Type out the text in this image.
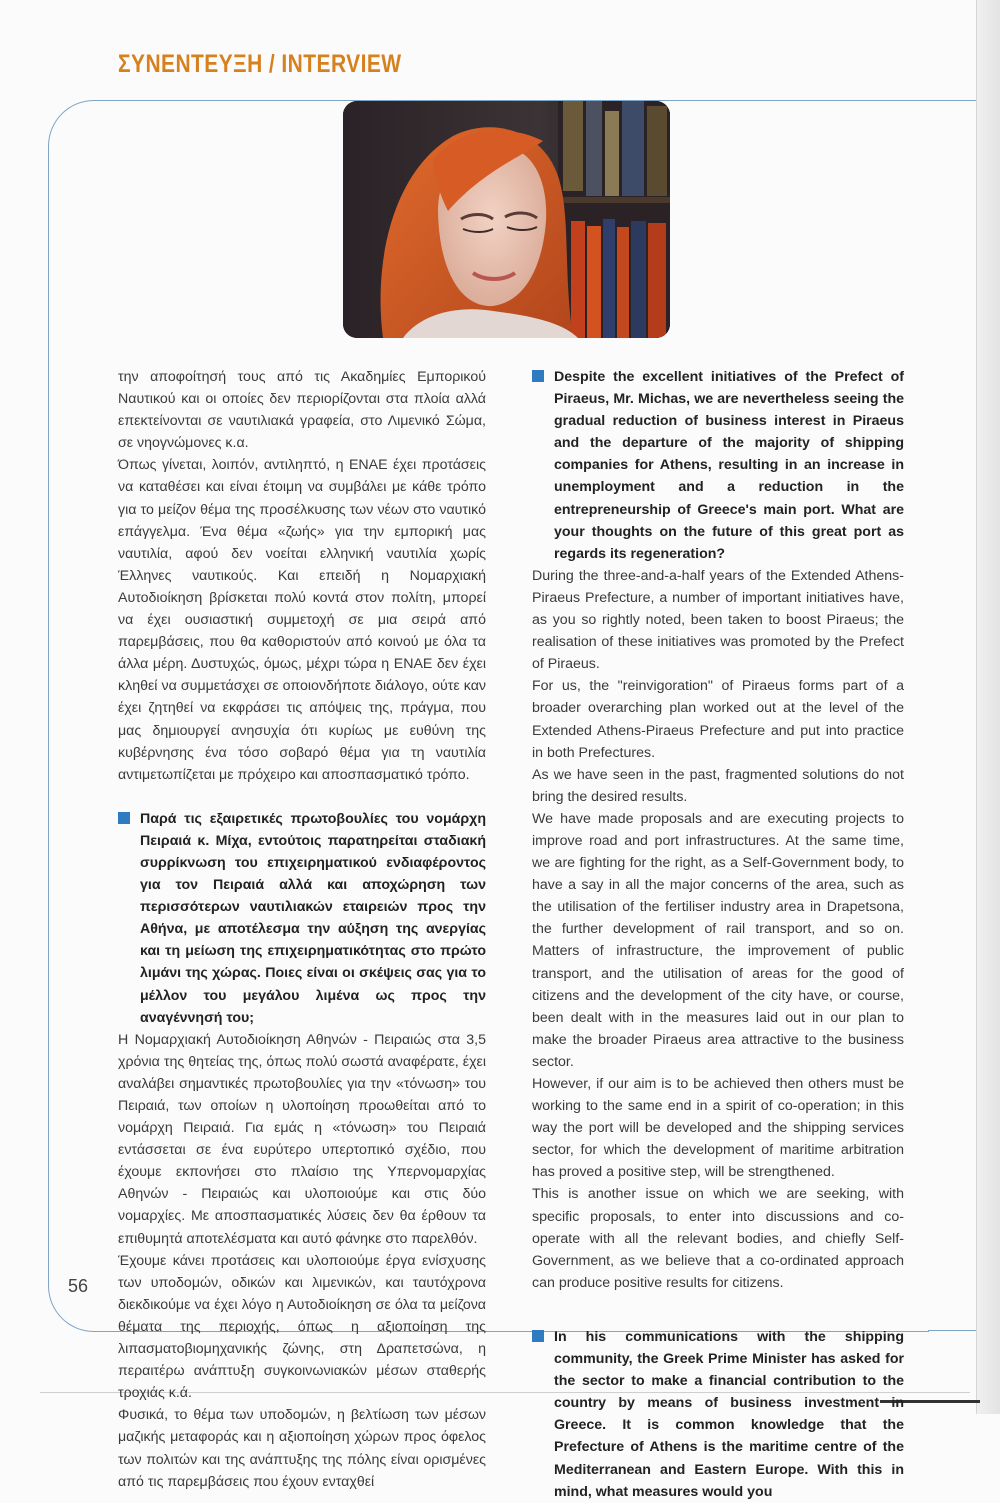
ΣΥΝΕΝΤΕΥΞΗ / INTERVIEW

την αποφοίτησή τους από τις Ακαδημίες Εμπορικού Ναυτικού και οι οποίες δεν περιορίζονται στα πλοία αλλά επεκτείνονται σε ναυτιλιακά γραφεία, στο Λιμενικό Σώμα, σε νηογνώμονες κ.α.

Όπως γίνεται, λοιπόν, αντιληπτό, η ΕΝΑΕ έχει προτάσεις να καταθέσει και είναι έτοιμη να συμβάλει με κάθε τρόπο για το μείζον θέμα της προσέλκυσης των νέων στο ναυτικό επάγγελμα. Ένα θέμα «ζωής» για την εμπορική μας ναυτιλία, αφού δεν νοείται ελληνική ναυτιλία χωρίς Έλληνες ναυτικούς. Και επειδή η Νομαρχιακή Αυτοδιοίκηση βρίσκεται πολύ κοντά στον πολίτη, μπορεί να έχει ουσιαστική συμμετοχή σε μια σειρά από παρεμβάσεις, που θα καθοριστούν από κοινού με όλα τα άλλα μέρη. Δυστυχώς, όμως, μέχρι τώρα η ΕΝΑΕ δεν έχει κληθεί να συμμετάσχει σε οποιονδήποτε διάλογο, ούτε καν έχει ζητηθεί να εκφράσει τις απόψεις της, πράγμα, που μας δημιουργεί ανησυχία ότι κυρίως με ευθύνη της κυβέρνησης ένα τόσο σοβαρό θέμα για τη ναυτιλία αντιμετωπίζεται με πρόχειρο και αποσπασματικό τρόπο.

Παρά τις εξαιρετικές πρωτοβουλίες του νομάρχη Πειραιά κ. Μίχα, εντούτοις παρατηρείται σταδιακή συρρίκνωση του επιχειρηματικού ενδιαφέροντος για τον Πειραιά αλλά και αποχώρηση των περισσότερων ναυτιλιακών εταιρειών προς την Αθήνα, με αποτέλεσμα την αύξηση της ανεργίας και τη μείωση της επιχειρηματικότητας στο πρώτο λιμάνι της χώρας. Ποιες είναι οι σκέψεις σας για το μέλλον του μεγάλου λιμένα ως προς την αναγέννησή του;

Η Νομαρχιακή Αυτοδιοίκηση Αθηνών - Πειραιώς στα 3,5 χρόνια της θητείας της, όπως πολύ σωστά αναφέρατε, έχει αναλάβει σημαντικές πρωτοβουλίες για την «τόνωση» του Πειραιά, των οποίων η υλοποίηση προωθείται από το νομάρχη Πειραιά. Για εμάς η «τόνωση» του Πειραιά εντάσσεται σε ένα ευρύτερο υπερτοπικό σχέδιο, που έχουμε εκπονήσει στο πλαίσιο της Υπερνομαρχίας Αθηνών - Πειραιώς και υλοποιούμε και στις δύο νομαρχίες. Με αποσπασματικές λύσεις δεν θα έρθουν τα επιθυμητά αποτελέσματα και αυτό φάνηκε στο παρελθόν.

Έχουμε κάνει προτάσεις και υλοποιούμε έργα ενίσχυσης των υποδομών, οδικών και λιμενικών, και ταυτόχρονα διεκδικούμε να έχει λόγο η Αυτοδιοίκηση σε όλα τα μείζονα θέματα της περιοχής, όπως η αξιοποίηση της λιπασματοβιομηχανικής ζώνης, στη Δραπετσώνα, η περαιτέρω ανάπτυξη συγκοινωνιακών μέσων σταθερής τροχιάς κ.ά.

Φυσικά, το θέμα των υποδομών, η βελτίωση των μέσων μαζικής μεταφοράς και η αξιοποίηση χώρων προς όφελος των πολιτών και της ανάπτυξης της πόλης είναι ορισμένες από τις παρεμβάσεις που έχουν ενταχθεί

Despite the excellent initiatives of the Prefect of Piraeus, Mr. Michas, we are nevertheless seeing the gradual reduction of business interest in Piraeus and the departure of the majority of shipping companies for Athens, resulting in an increase in unemployment and a reduction in the entrepreneurship of Greece's main port. What are your thoughts on the future of this great port as regards its regeneration?

During the three-and-a-half years of the Extended Athens-Piraeus Prefecture, a number of important initiatives have, as you so rightly noted, been taken to boost Piraeus; the realisation of these initiatives was promoted by the Prefect of Piraeus.

For us, the "reinvigoration" of Piraeus forms part of a broader overarching plan worked out at the level of the Extended Athens-Piraeus Prefecture and put into practice in both Prefectures.

As we have seen in the past, fragmented solutions do not bring the desired results.

We have made proposals and are executing projects to improve road and port infrastructures. At the same time, we are fighting for the right, as a Self-Government body, to have a say in all the major concerns of the area, such as the utilisation of the fertiliser industry area in Drapetsona, the further development of rail transport, and so on. Matters of infrastructure, the improvement of public transport, and the utilisation of areas for the good of citizens and the development of the city have, or course, been dealt with in the measures laid out in our plan to make the broader Piraeus area attractive to the business sector.

However, if our aim is to be achieved then others must be working to the same end in a spirit of co-operation; in this way the port will be developed and the shipping services sector, for which the development of maritime arbitration has proved a positive step, will be strengthened.

This is another issue on which we are seeking, with specific proposals, to enter into discussions and co-operate with all the relevant bodies, and chiefly Self-Government, as we believe that a co-ordinated approach can produce positive results for citizens.

In his communications with the shipping community, the Greek Prime Minister has asked for the sector to make a financial contribution to the country by means of business investment in Greece. It is common knowledge that the Prefecture of Athens is the maritime centre of the Mediterranean and Eastern Europe. With this in mind, what measures would you

56
